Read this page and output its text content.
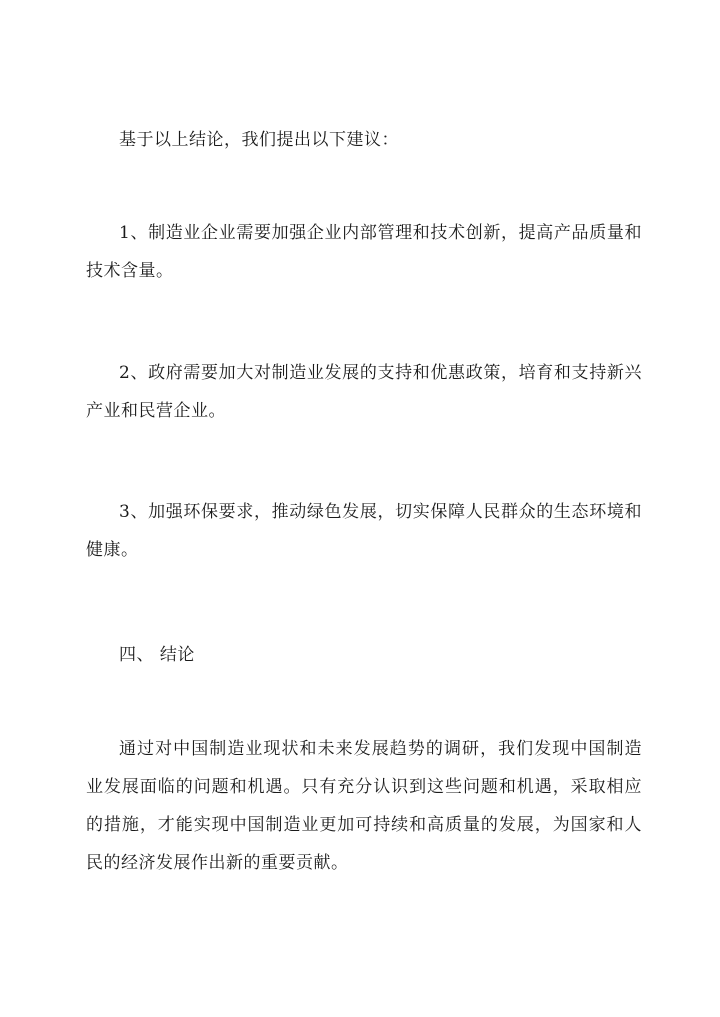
基于以上结论，我们提出以下建议：

1、制造业企业需要加强企业内部管理和技术创新，提高产品质量和技术含量。

2、政府需要加大对制造业发展的支持和优惠政策，培育和支持新兴产业和民营企业。

3、加强环保要求，推动绿色发展，切实保障人民群众的生态环境和健康。

四、 结论

通过对中国制造业现状和未来发展趋势的调研，我们发现中国制造业发展面临的问题和机遇。只有充分认识到这些问题和机遇，采取相应的措施，才能实现中国制造业更加可持续和高质量的发展，为国家和人民的经济发展作出新的重要贡献。
